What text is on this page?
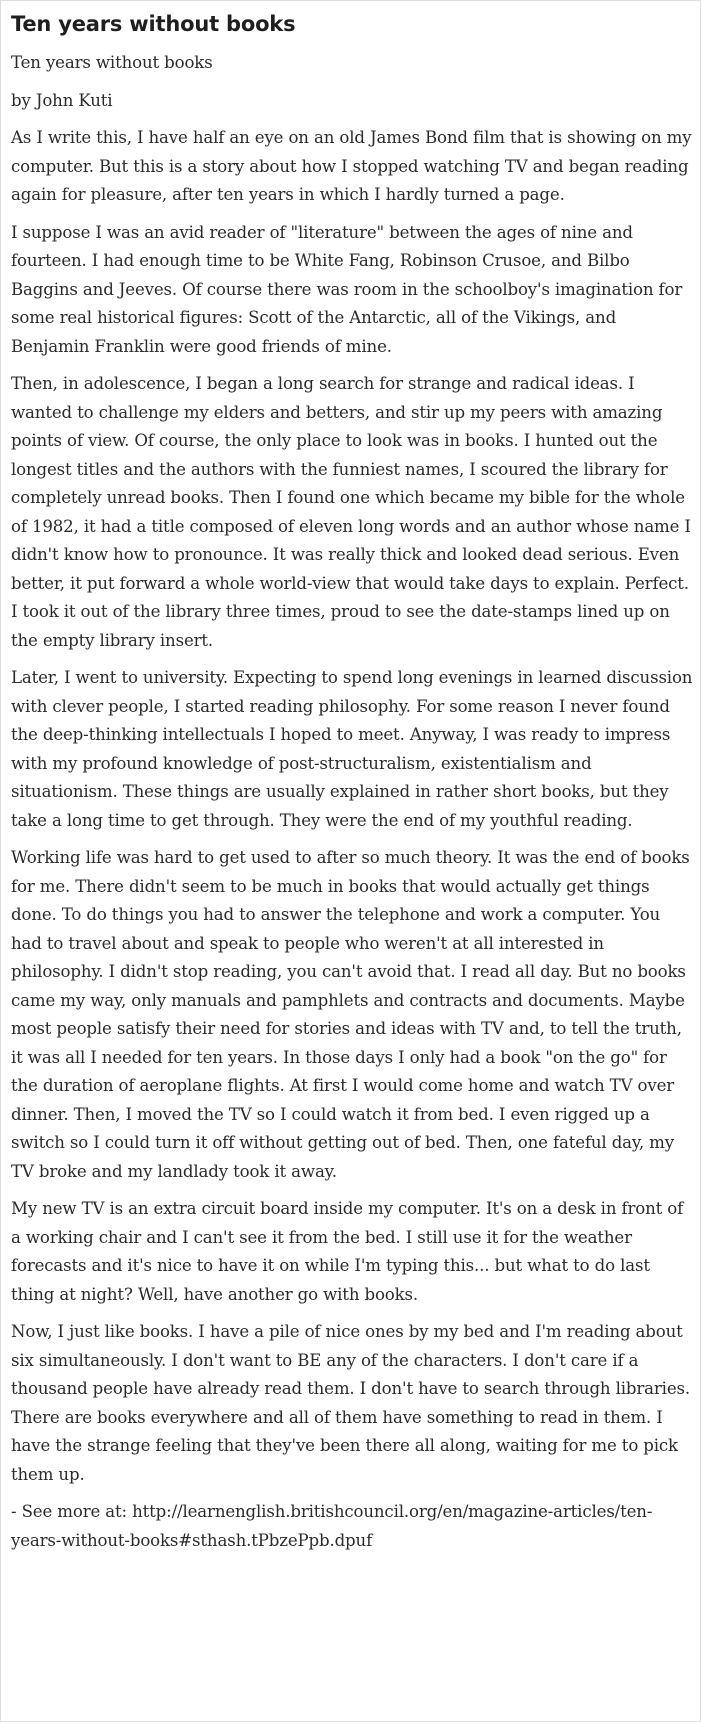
Ten years without books

Ten years without books

by John Kuti

As I write this, I have half an eye on an old James Bond film that is showing on my computer. But this is a story about how I stopped watching TV and began reading again for pleasure, after ten years in which I hardly turned a page.

I suppose I was an avid reader of "literature" between the ages of nine and fourteen. I had enough time to be White Fang, Robinson Crusoe, and Bilbo Baggins and Jeeves. Of course there was room in the schoolboy's imagination for some real historical figures: Scott of the Antarctic, all of the Vikings, and Benjamin Franklin were good friends of mine.

Then, in adolescence, I began a long search for strange and radical ideas. I wanted to challenge my elders and betters, and stir up my peers with amazing points of view. Of course, the only place to look was in books. I hunted out the longest titles and the authors with the funniest names, I scoured the library for completely unread books. Then I found one which became my bible for the whole of 1982, it had a title composed of eleven long words and an author whose name I didn't know how to pronounce. It was really thick and looked dead serious. Even better, it put forward a whole world-view that would take days to explain. Perfect. I took it out of the library three times, proud to see the date-stamps lined up on the empty library insert.

Later, I went to university. Expecting to spend long evenings in learned discussion with clever people, I started reading philosophy. For some reason I never found the deep-thinking intellectuals I hoped to meet. Anyway, I was ready to impress with my profound knowledge of post-structuralism, existentialism and situationism. These things are usually explained in rather short books, but they take a long time to get through. They were the end of my youthful reading.

Working life was hard to get used to after so much theory. It was the end of books for me. There didn't seem to be much in books that would actually get things done. To do things you had to answer the telephone and work a computer. You had to travel about and speak to people who weren't at all interested in philosophy. I didn't stop reading, you can't avoid that. I read all day. But no books came my way, only manuals and pamphlets and contracts and documents. Maybe most people satisfy their need for stories and ideas with TV and, to tell the truth, it was all I needed for ten years. In those days I only had a book "on the go" for the duration of aeroplane flights. At first I would come home and watch TV over dinner. Then, I moved the TV so I could watch it from bed. I even rigged up a switch so I could turn it off without getting out of bed. Then, one fateful day, my TV broke and my landlady took it away.

My new TV is an extra circuit board inside my computer. It's on a desk in front of a working chair and I can't see it from the bed. I still use it for the weather forecasts and it's nice to have it on while I'm typing this... but what to do last thing at night? Well, have another go with books.

Now, I just like books. I have a pile of nice ones by my bed and I'm reading about six simultaneously. I don't want to BE any of the characters. I don't care if a thousand people have already read them. I don't have to search through libraries. There are books everywhere and all of them have something to read in them. I have the strange feeling that they've been there all along, waiting for me to pick them up.

- See more at: http://learnenglish.britishcouncil.org/en/magazine-articles/ten-years-without-books#sthash.tPbzePpb.dpuf
